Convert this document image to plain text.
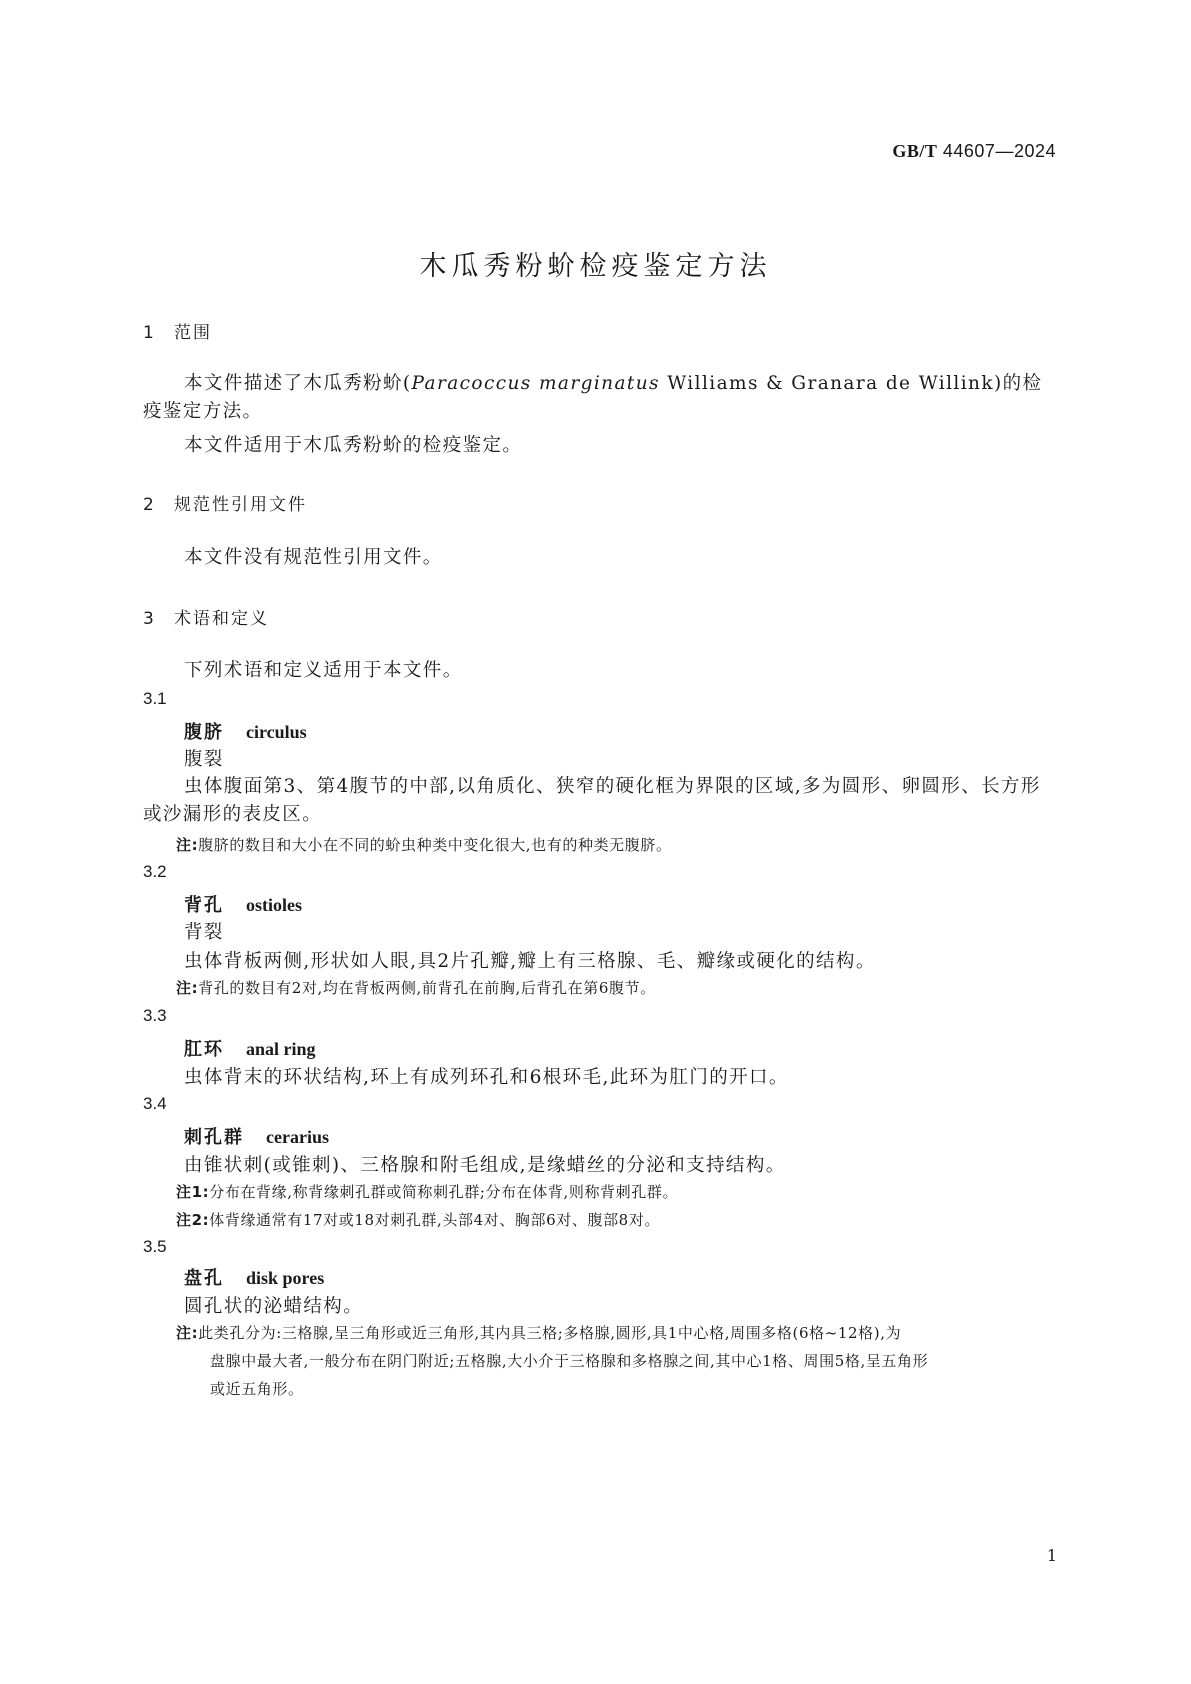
GB/T 44607—2024
木瓜秀粉蚧检疫鉴定方法
1 范围
本文件描述了木瓜秀粉蚧(Paracoccus marginatus Williams & Granara de Willink)的检疫鉴定方法。
本文件适用于木瓜秀粉蚧的检疫鉴定。
2 规范性引用文件
本文件没有规范性引用文件。
3 术语和定义
下列术语和定义适用于本文件。
3.1
腹脐 circulus
腹裂
虫体腹面第3、第4腹节的中部,以角质化、狭窄的硬化框为界限的区域,多为圆形、卵圆形、长方形或沙漏形的表皮区。
注:腹脐的数目和大小在不同的蚧虫种类中变化很大,也有的种类无腹脐。
3.2
背孔 ostioles
背裂
虫体背板两侧,形状如人眼,具2片孔瓣,瓣上有三格腺、毛、瓣缘或硬化的结构。
注:背孔的数目有2对,均在背板两侧,前背孔在前胸,后背孔在第6腹节。
3.3
肛环 anal ring
虫体背末的环状结构,环上有成列环孔和6根环毛,此环为肛门的开口。
3.4
刺孔群 cerarius
由锥状刺(或锥刺)、三格腺和附毛组成,是缘蜡丝的分泌和支持结构。
注1:分布在背缘,称背缘刺孔群或简称刺孔群;分布在体背,则称背刺孔群。
注2:体背缘通常有17对或18对刺孔群,头部4对、胸部6对、腹部8对。
3.5
盘孔 disk pores
圆孔状的泌蜡结构。
注:此类孔分为:三格腺,呈三角形或近三角形,其内具三格;多格腺,圆形,具1中心格,周围多格(6格~12格),为
盘腺中最大者,一般分布在阴门附近;五格腺,大小介于三格腺和多格腺之间,其中心1格、周围5格,呈五角形
或近五角形。
1
